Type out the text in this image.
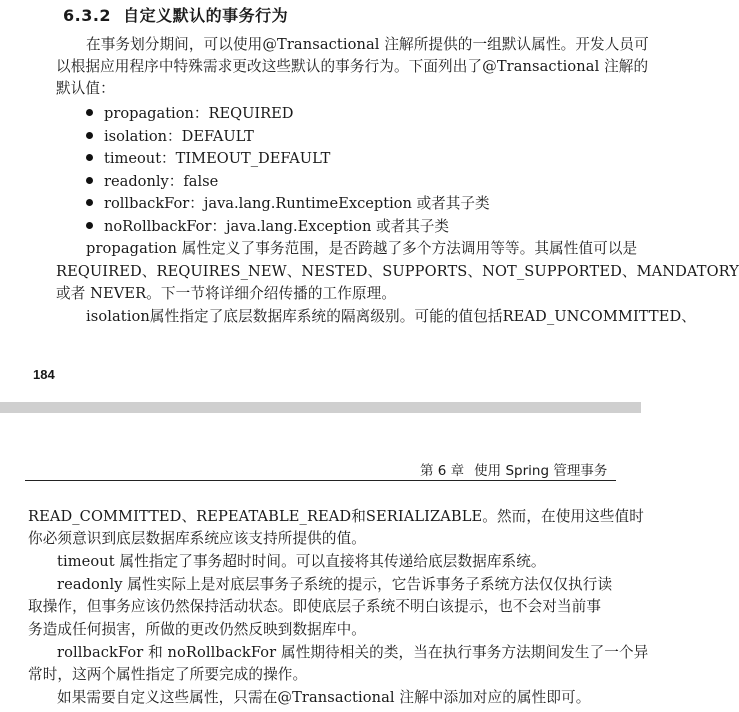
6.3.2 自定义默认的事务行为
在事务划分期间，可以使用@Transactional 注解所提供的一组默认属性。开发人员可
以根据应用程序中特殊需求更改这些默认的事务行为。下面列出了@Transactional 注解的
默认值：
propagation：REQUIRED
isolation：DEFAULT
timeout：TIMEOUT_DEFAULT
readonly：false
rollbackFor：java.lang.RuntimeException 或者其子类
noRollbackFor：java.lang.Exception 或者其子类
propagation 属性定义了事务范围，是否跨越了多个方法调用等等。其属性值可以是
REQUIRED、REQUIRES_NEW、NESTED、SUPPORTS、NOT_SUPPORTED、MANDATORY
或者 NEVER。下一节将详细介绍传播的工作原理。
isolation属性指定了底层数据库系统的隔离级别。可能的值包括READ_UNCOMMITTED、
184
第 6 章 使用 Spring 管理事务
READ_COMMITTED、REPEATABLE_READ和SERIALIZABLE。然而，在使用这些值时
你必须意识到底层数据库系统应该支持所提供的值。
timeout 属性指定了事务超时时间。可以直接将其传递给底层数据库系统。
readonly 属性实际上是对底层事务子系统的提示，它告诉事务子系统方法仅仅执行读
取操作，但事务应该仍然保持活动状态。即使底层子系统不明白该提示，也不会对当前事
务造成任何损害，所做的更改仍然反映到数据库中。
rollbackFor 和 noRollbackFor 属性期待相关的类，当在执行事务方法期间发生了一个异
常时，这两个属性指定了所要完成的操作。
如果需要自定义这些属性，只需在@Transactional 注解中添加对应的属性即可。
